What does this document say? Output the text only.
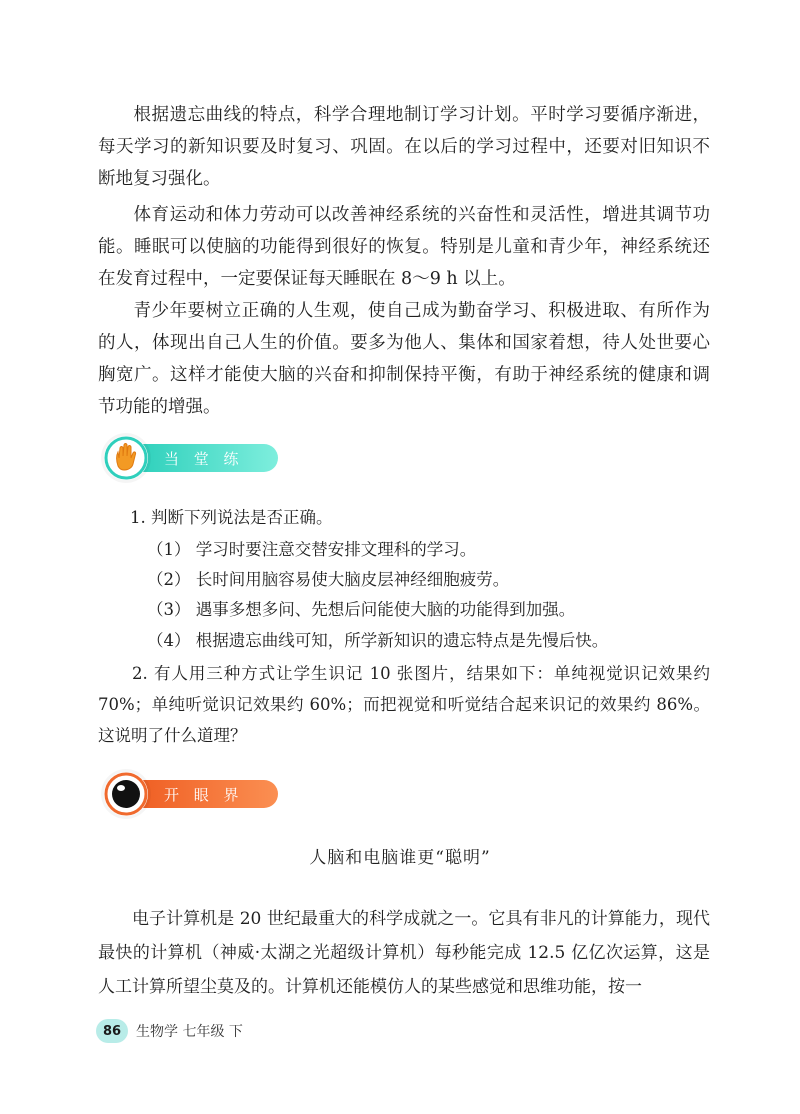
根据遗忘曲线的特点，科学合理地制订学习计划。平时学习要循序渐进，每天学习的新知识要及时复习、巩固。在以后的学习过程中，还要对旧知识不断地复习强化。

体育运动和体力劳动可以改善神经系统的兴奋性和灵活性，增进其调节功能。睡眠可以使脑的功能得到很好的恢复。特别是儿童和青少年，神经系统还在发育过程中，一定要保证每天睡眠在 8～9 h 以上。

青少年要树立正确的人生观，使自己成为勤奋学习、积极进取、有所作为的人，体现出自己人生的价值。要多为他人、集体和国家着想，待人处世要心胸宽广。这样才能使大脑的兴奋和抑制保持平衡，有助于神经系统的健康和调节功能的增强。

当 堂 练

1. 判断下列说法是否正确。

（1） 学习时要注意交替安排文理科的学习。

（2） 长时间用脑容易使大脑皮层神经细胞疲劳。

（3） 遇事多想多问、先想后问能使大脑的功能得到加强。

（4） 根据遗忘曲线可知，所学新知识的遗忘特点是先慢后快。

2. 有人用三种方式让学生识记 10 张图片，结果如下：单纯视觉识记效果约 70%；单纯听觉识记效果约 60%；而把视觉和听觉结合起来识记的效果约 86%。这说明了什么道理？

开 眼 界
人脑和电脑谁更“聪明”

电子计算机是 20 世纪最重大的科学成就之一。它具有非凡的计算能力，现代最快的计算机（神威·太湖之光超级计算机）每秒能完成 12.5 亿亿次运算，这是人工计算所望尘莫及的。计算机还能模仿人的某些感觉和思维功能，按一

86	生物学 七年级 下
